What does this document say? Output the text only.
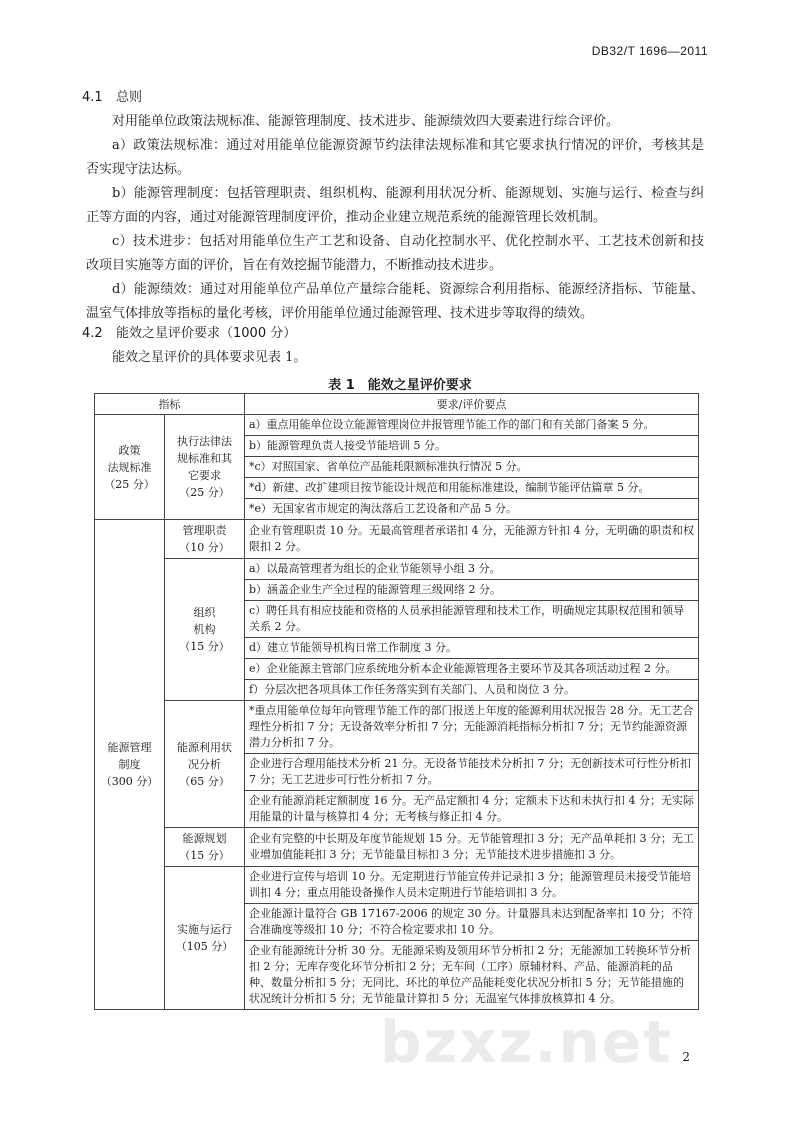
DB32/T 1696—2011
4.1 总则

对用能单位政策法规标准、能源管理制度、技术进步、能源绩效四大要素进行综合评价。

a）政策法规标准：通过对用能单位能源资源节约法律法规标准和其它要求执行情况的评价，考核其是否实现守法达标。

b）能源管理制度：包括管理职责、组织机构、能源利用状况分析、能源规划、实施与运行、检查与纠正等方面的内容，通过对能源管理制度评价，推动企业建立规范系统的能源管理长效机制。

c）技术进步：包括对用能单位生产工艺和设备、自动化控制水平、优化控制水平、工艺技术创新和技改项目实施等方面的评价，旨在有效挖掘节能潜力，不断推动技术进步。

d）能源绩效：通过对用能单位产品单位产量综合能耗、资源综合利用指标、能源经济指标、节能量、温室气体排放等指标的量化考核，评价用能单位通过能源管理、技术进步等取得的绩效。

4.2 能效之星评价要求（1000 分）

能效之星评价的具体要求见表 1。

表 1　能效之星评价要求
指标		要求/评价要点
政策
法规标准
（25 分）	执行法律法
规标准和其
它要求
（25 分）	a）重点用能单位设立能源管理岗位并报管理节能工作的部门和有关部门备案 5 分。
		b）能源管理负责人接受节能培训 5 分。
		*c）对照国家、省单位产品能耗限额标准执行情况 5 分。
		*d）新建、改扩建项目按节能设计规范和用能标准建设，编制节能评估篇章 5 分。
		*e）无国家省市规定的淘汰落后工艺设备和产品 5 分。
能源管理
制度
（300 分）	管理职责
（10 分）	企业有管理职责 10 分。无最高管理者承诺扣 4 分，无能源方针扣 4 分，无明确的职责和权限扣 2 分。
	组织
机构
（15 分）	a）以最高管理者为组长的企业节能领导小组 3 分。
		b）涵盖企业生产全过程的能源管理三级网络 2 分。
		c）聘任具有相应技能和资格的人员承担能源管理和技术工作，明确规定其职权范围和领导关系 2 分。
		d）建立节能领导机构日常工作制度 3 分。
		e）企业能源主管部门应系统地分析本企业能源管理各主要环节及其各项活动过程 2 分。
		f）分层次把各项具体工作任务落实到有关部门、人员和岗位 3 分。
	能源利用状
况分析
（65 分）	*重点用能单位每年向管理节能工作的部门报送上年度的能源利用状况报告 28 分。无工艺合理性分析扣 7 分；无设备效率分析扣 7 分；无能源消耗指标分析扣 7 分；无节约能源资源潜力分析扣 7 分。
		企业进行合理用能技术分析 21 分。无设备节能技术分析扣 7 分；无创新技术可行性分析扣 7 分；无工艺进步可行性分析扣 7 分。
		企业有能源消耗定额制度 16 分。无产品定额扣 4 分；定额未下达和未执行扣 4 分；无实际用能量的计量与核算扣 4 分；无考核与修正扣 4 分。
	能源规划
（15 分）	企业有完整的中长期及年度节能规划 15 分。无节能管理扣 3 分；无产品单耗扣 3 分；无工业增加值能耗扣 3 分；无节能量目标扣 3 分；无节能技术进步措施扣 3 分。
	实施与运行
（105 分）	企业进行宣传与培训 10 分。无定期进行节能宣传并记录扣 3 分；能源管理员未接受节能培训扣 4 分；重点用能设备操作人员未定期进行节能培训扣 3 分。
		企业能源计量符合 GB 17167-2006 的规定 30 分。计量器具未达到配备率扣 10 分；不符合准确度等级扣 10 分；不符合检定要求扣 10 分。
		企业有能源统计分析 30 分。无能源采购及领用环节分析扣 2 分；无能源加工转换环节分析扣 2 分；无库存变化环节分析扣 2 分；无车间（工序）原辅材料、产品、能源消耗的品种、数量分析扣 5 分；无同比、环比的单位产品能耗变化状况分析扣 5 分；无节能措施的状况统计分析扣 5 分；无节能量计算扣 5 分；无温室气体排放核算扣 4 分。
bzxz.net 2
